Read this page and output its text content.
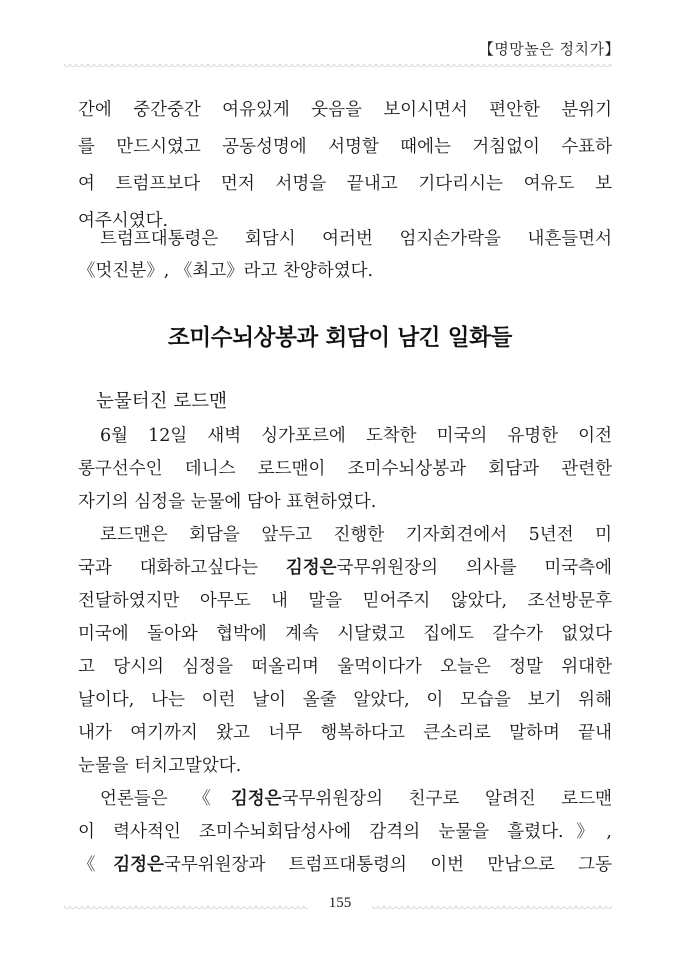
【명망높은 정치가】
간에 중간중간 여유있게 웃음을 보이시면서 편안한 분위기
를 만드시였고 공동성명에 서명할 때에는 거침없이 수표하
여 트럼프보다 먼저 서명을 끝내고 기다리시는 여유도 보
여주시였다.
트럼프대통령은 회담시 여러번 엄지손가락을 내흔들면서
《멋진분》, 《최고》라고 찬양하였다.
조미수뇌상봉과 회담이 남긴 일화들
눈물터진 로드맨
6월 12일 새벽 싱가포르에 도착한 미국의 유명한 이전
롱구선수인 데니스 로드맨이 조미수뇌상봉과 회담과 관련한
자기의 심정을 눈물에 담아 표현하였다.
로드맨은 회담을 앞두고 진행한 기자회견에서 5년전 미
국과 대화하고싶다는 김정은국무위원장의 의사를 미국측에
전달하였지만 아무도 내 말을 믿어주지 않았다, 조선방문후
미국에 돌아와 협박에 계속 시달렸고 집에도 갈수가 없었다
고 당시의 심정을 떠올리며 울먹이다가 오늘은 정말 위대한
날이다, 나는 이런 날이 올줄 알았다, 이 모습을 보기 위해
내가 여기까지 왔고 너무 행복하다고 큰소리로 말하며 끝내
눈물을 터치고말았다.
언론들은 《김정은국무위원장의 친구로 알려진 로드맨
이 력사적인 조미수뇌회담성사에 감격의 눈물을 흘렸다.》,
《김정은국무위원장과 트럼프대통령의 이번 만남으로 그동
155
